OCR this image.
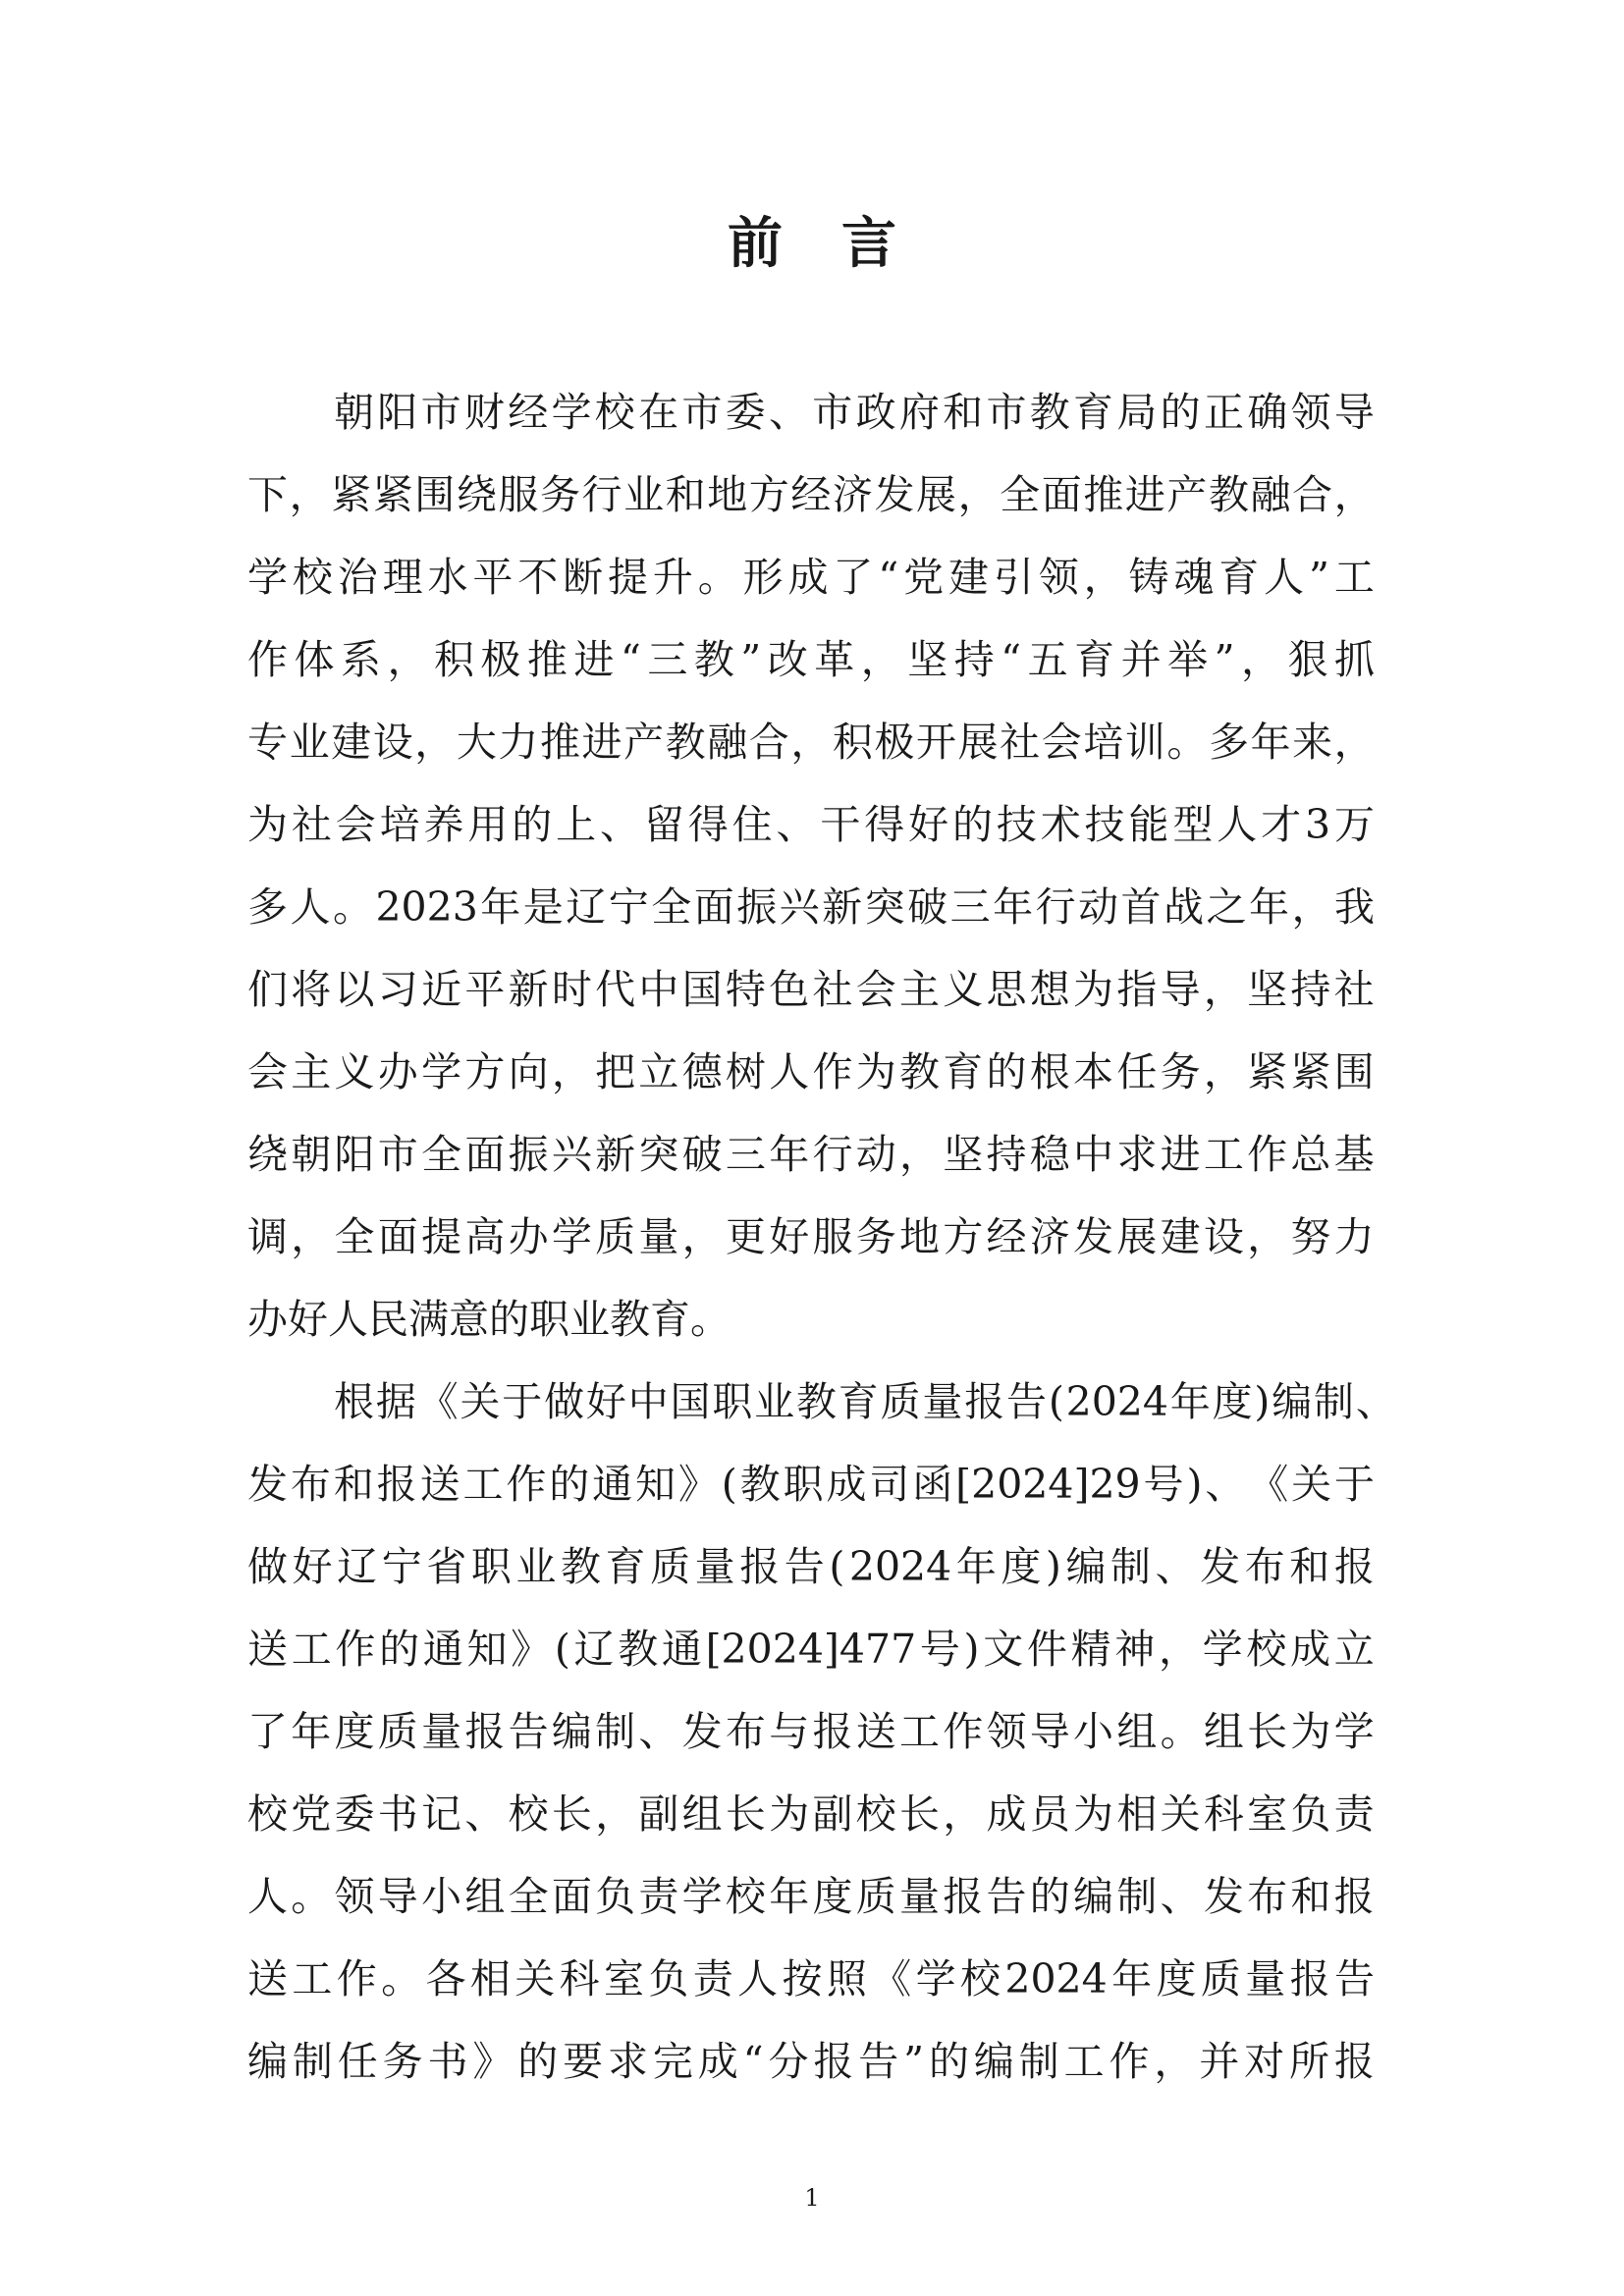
前言
朝 阳 市 财 经 学 校 在 市 委 、 市 政 府 和 市 教 育 局 的 正 确 领 导
下 ， 紧 紧 围 绕 服 务 行 业 和 地 方 经 济 发 展 ， 全 面 推 进 产 教 融 合 ，
学 校 治 理 水 平 不 断 提 升 。 形 成 了 “ 党 建 引 领 ， 铸 魂 育 人 ” 工
作 体 系 ， 积 极 推 进 “ 三 教 ” 改 革 ， 坚 持 “ 五 育 并 举 ” ， 狠 抓
专 业 建 设 ， 大 力 推 进 产 教 融 合 ， 积 极 开 展 社 会 培 训 。 多 年 来 ，
为 社 会 培 养 用 的 上 、 留 得 住 、 干 得 好 的 技 术 技 能 型 人 才 3 万
多 人 。 2023 年 是 辽 宁 全 面 振 兴 新 突 破 三 年 行 动 首 战 之 年 ， 我
们 将 以 习 近 平 新 时 代 中 国 特 色 社 会 主 义 思 想 为 指 导 ， 坚 持 社
会 主 义 办 学 方 向 ， 把 立 德 树 人 作 为 教 育 的 根 本 任 务 ， 紧 紧 围
绕 朝 阳 市 全 面 振 兴 新 突 破 三 年 行 动 ， 坚 持 稳 中 求 进 工 作 总 基
调 ， 全 面 提 高 办 学 质 量 ， 更 好 服 务 地 方 经 济 发 展 建 设 ， 努 力
办好人民满意的职业教育。
根 据 《 关 于 做 好 中 国 职 业 教 育 质 量 报 告 ( 2024 年 度 ) 编 制 、
发 布 和 报 送 工 作 的 通 知 》 ( 教 职 成 司 函 [2024]29 号 ) 、 《 关 于
做 好 辽 宁 省 职 业 教 育 质 量 报 告 ( 2024 年 度 ) 编 制 、 发 布 和 报
送 工 作 的 通 知 》 ( 辽 教 通 [2024]477 号 ) 文 件 精 神 ， 学 校 成 立
了 年 度 质 量 报 告 编 制 、 发 布 与 报 送 工 作 领 导 小 组 。 组 长 为 学
校 党 委 书 记 、 校 长 ， 副 组 长 为 副 校 长 ， 成 员 为 相 关 科 室 负 责
人 。 领 导 小 组 全 面 负 责 学 校 年 度 质 量 报 告 的 编 制 、 发 布 和 报
送 工 作 。 各 相 关 科 室 负 责 人 按 照 《 学 校 2024 年 度 质 量 报 告
编 制 任 务 书 》 的 要 求 完 成 “ 分 报 告 ” 的 编 制 工 作 ， 并 对 所 报
1
